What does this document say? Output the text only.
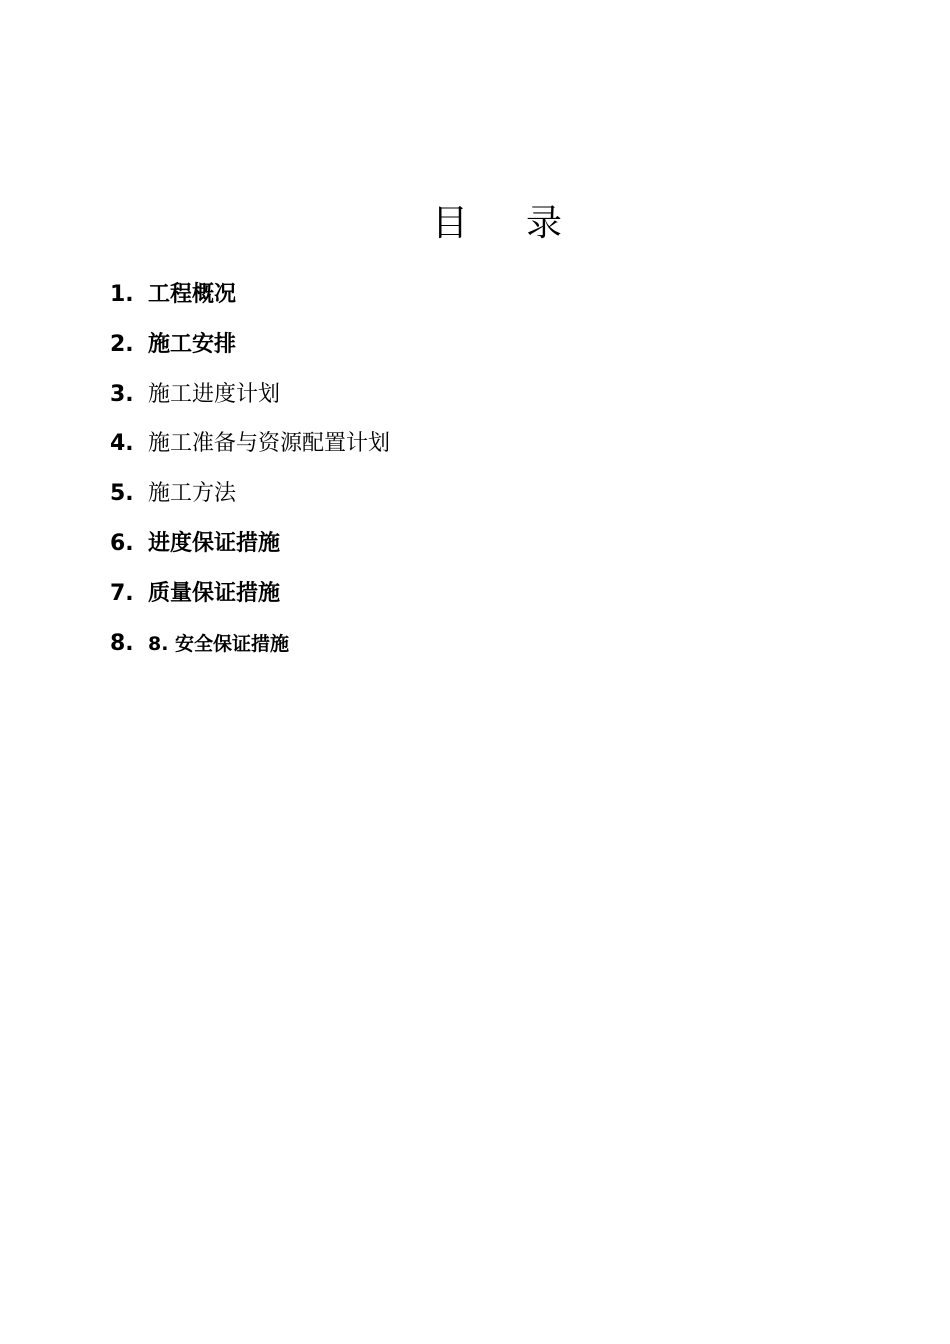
目 录
1. 工程概况
2. 施工安排
3. 施工进度计划
4. 施工准备与资源配置计划
5. 施工方法
6. 进度保证措施
7. 质量保证措施
8. 8. 安全保证措施
